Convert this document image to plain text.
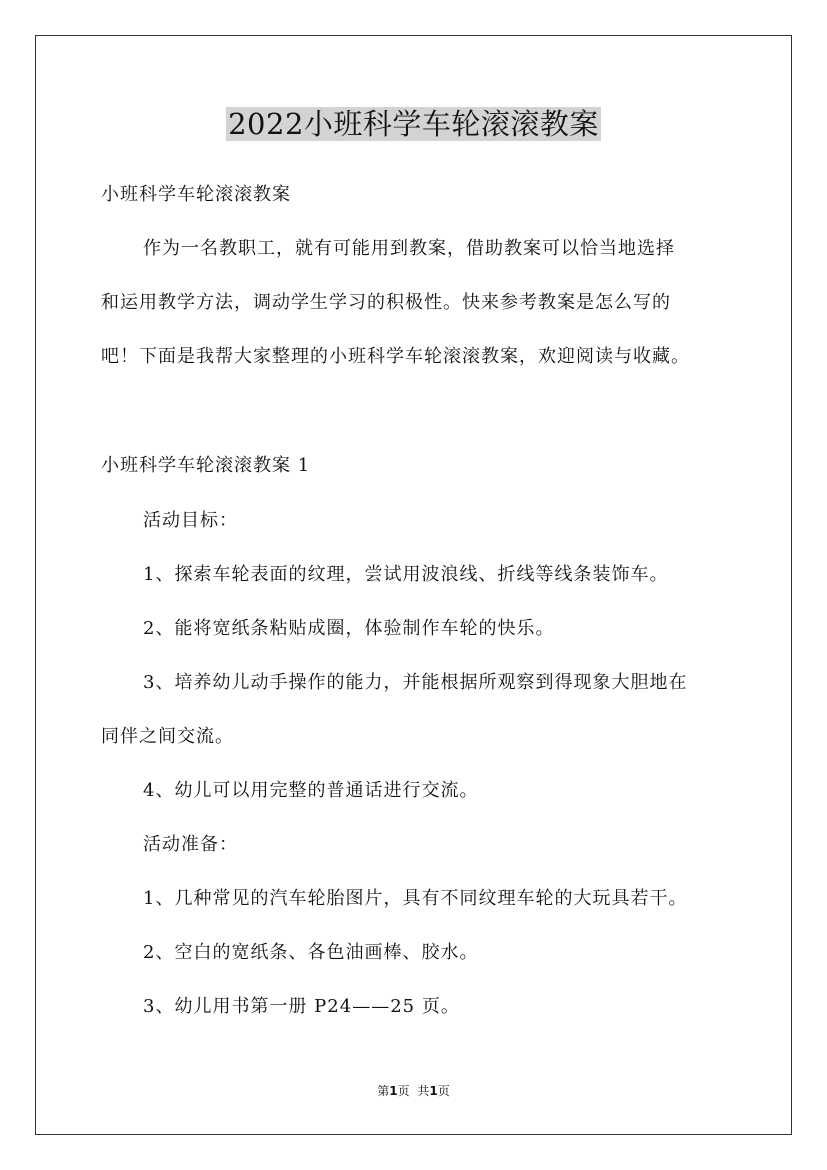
2022小班科学车轮滚滚教案
小班科学车轮滚滚教案
作为一名教职工，就有可能用到教案，借助教案可以恰当地选择
和运用教学方法，调动学生学习的积极性。快来参考教案是怎么写的
吧！下面是我帮大家整理的小班科学车轮滚滚教案，欢迎阅读与收藏。
小班科学车轮滚滚教案 1
活动目标：
1、探索车轮表面的纹理，尝试用波浪线、折线等线条装饰车。
2、能将宽纸条粘贴成圈，体验制作车轮的快乐。
3、培养幼儿动手操作的能力，并能根据所观察到得现象大胆地在
同伴之间交流。
4、幼儿可以用完整的普通话进行交流。
活动准备：
1、几种常见的汽车轮胎图片，具有不同纹理车轮的大玩具若干。
2、空白的宽纸条、各色油画棒、胶水。
3、幼儿用书第一册 P24——25 页。
第1页 共1页
